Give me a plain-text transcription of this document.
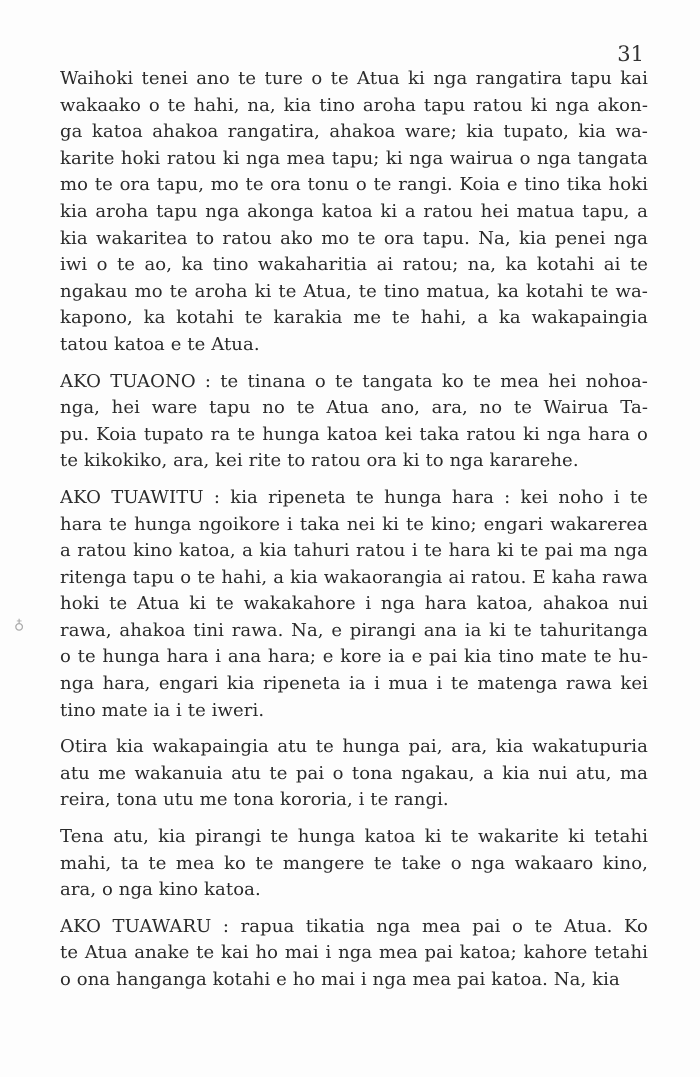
31
♁
Waihoki tenei ano te ture o te Atua ki nga rangatira tapu kai
wakaako o te hahi, na, kia tino aroha tapu ratou ki nga akon-
ga katoa ahakoa rangatira, ahakoa ware; kia tupato, kia wa-
karite hoki ratou ki nga mea tapu; ki nga wairua o nga tangata
mo te ora tapu, mo te ora tonu o te rangi. Koia e tino tika hoki
kia aroha tapu nga akonga katoa ki a ratou hei matua tapu, a
kia wakaritea to ratou ako mo te ora tapu. Na, kia penei nga
iwi o te ao, ka tino wakaharitia ai ratou; na, ka kotahi ai te
ngakau mo te aroha ki te Atua, te tino matua, ka kotahi te wa-
kapono, ka kotahi te karakia me te hahi, a ka wakapaingia
tatou katoa e te Atua.
AKO TUAONO : te tinana o te tangata ko te mea hei nohoa-
nga, hei ware tapu no te Atua ano, ara, no te Wairua Ta-
pu. Koia tupato ra te hunga katoa kei taka ratou ki nga hara o
te kikokiko, ara, kei rite to ratou ora ki to nga kararehe.
AKO TUAWITU : kia ripeneta te hunga hara : kei noho i te
hara te hunga ngoikore i taka nei ki te kino; engari wakarerea
a ratou kino katoa, a kia tahuri ratou i te hara ki te pai ma nga
ritenga tapu o te hahi, a kia wakaorangia ai ratou. E kaha rawa
hoki te Atua ki te wakakahore i nga hara katoa, ahakoa nui
rawa, ahakoa tini rawa. Na, e pirangi ana ia ki te tahuritanga
o te hunga hara i ana hara; e kore ia e pai kia tino mate te hu-
nga hara, engari kia ripeneta ia i mua i te matenga rawa kei
tino mate ia i te iweri.
Otira kia wakapaingia atu te hunga pai, ara, kia wakatupuria
atu me wakanuia atu te pai o tona ngakau, a kia nui atu, ma
reira, tona utu me tona kororia, i te rangi.
Tena atu, kia pirangi te hunga katoa ki te wakarite ki tetahi
mahi, ta te mea ko te mangere te take o nga wakaaro kino,
ara, o nga kino katoa.
AKO TUAWARU : rapua tikatia nga mea pai o te Atua. Ko
te Atua anake te kai ho mai i nga mea pai katoa; kahore tetahi
o ona hanganga kotahi e ho mai i nga mea pai katoa. Na, kia
